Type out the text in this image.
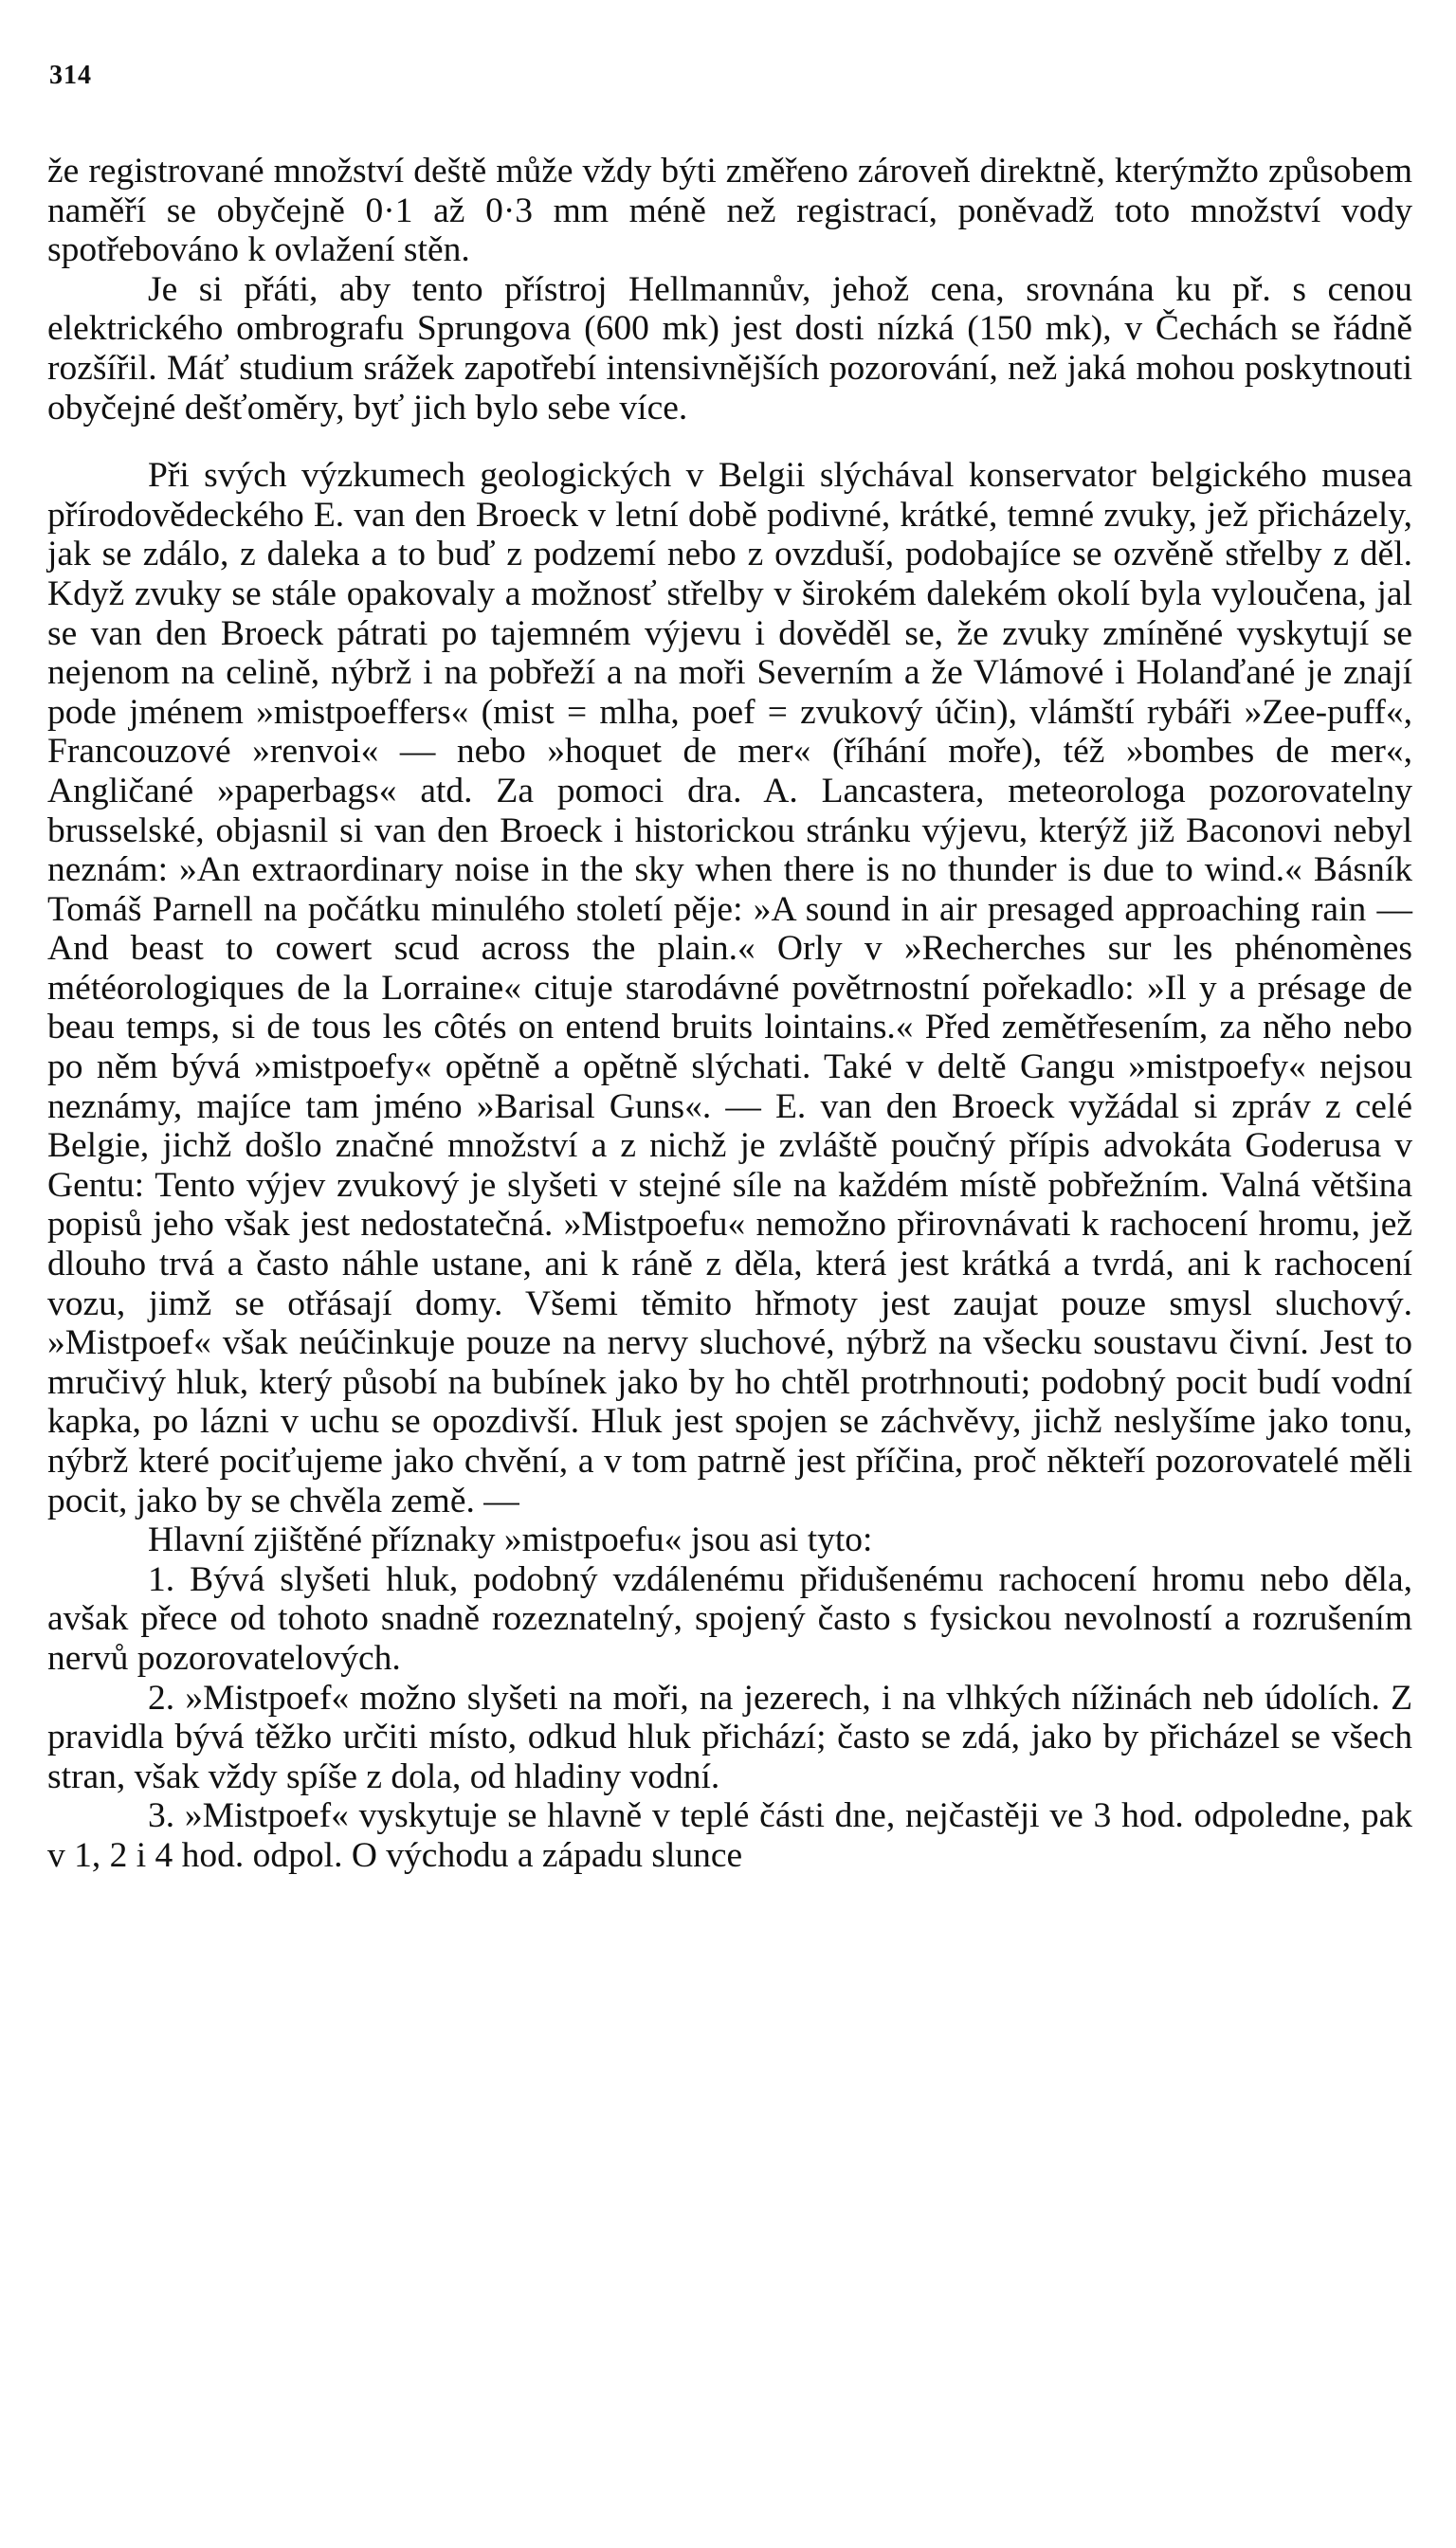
314

že registrované množství deště může vždy býti změřeno zároveň direktně, kterýmžto způsobem naměří se obyčejně 0·1 až 0·3 mm méně než registrací, poněvadž toto množství vody spotřebováno k ovlažení stěn.

Je si přáti, aby tento přístroj Hellmannův, jehož cena, srovnána ku př. s cenou elektrického ombrografu Sprungova (600 mk) jest dosti nízká (150 mk), v Čechách se řádně rozšířil. Máť studium srážek zapotřebí intensivnějších pozorování, než jaká mohou poskytnouti obyčejné dešťoměry, byť jich bylo sebe více.

Při svých výzkumech geologických v Belgii slýchával konservator belgického musea přírodovědeckého E. van den Broeck v letní době podivné, krátké, temné zvuky, jež přicházely, jak se zdálo, z daleka a to buď z podzemí nebo z ovzduší, podobajíce se ozvěně střelby z děl. Když zvuky se stále opakovaly a možnosť střelby v širokém dalekém okolí byla vyloučena, jal se van den Broeck pátrati po tajemném výjevu i dověděl se, že zvuky zmíněné vyskytují se nejenom na celině, nýbrž i na pobřeží a na moři Severním a že Vlámové i Holanďané je znají pode jménem »mistpoeffers« (mist = mlha, poef = zvukový účin), vlámští rybáři »Zee-puff«, Francouzové »renvoi« — nebo »hoquet de mer« (říhání moře), též »bombes de mer«, Angličané »paperbags« atd. Za pomoci dra. A. Lancastera, meteorologa pozorovatelny brusselské, objasnil si van den Broeck i historickou stránku výjevu, kterýž již Baconovi nebyl neznám: »An extraordinary noise in the sky when there is no thunder is due to wind.« Básník Tomáš Parnell na počátku minulého století pěje: »A sound in air presaged approaching rain — And beast to cowert scud across the plain.« Orly v »Recherches sur les phénomènes météorologiques de la Lorraine« cituje starodávné povětrnostní pořekadlo: »Il y a présage de beau temps, si de tous les côtés on entend bruits lointains.« Před zemětřesením, za něho nebo po něm bývá »mistpoefy« opětně a opětně slýchati. Také v deltě Gangu »mistpoefy« nejsou neznámy, majíce tam jméno »Barisal Guns«. — E. van den Broeck vyžádal si zpráv z celé Belgie, jichž došlo značné množství a z nichž je zvláště poučný přípis advokáta Goderusa v Gentu: Tento výjev zvukový je slyšeti v stejné síle na každém místě pobřežním. Valná většina popisů jeho však jest nedostatečná. »Mistpoefu« nemožno přirovnávati k rachocení hromu, jež dlouho trvá a často náhle ustane, ani k ráně z děla, která jest krátká a tvrdá, ani k rachocení vozu, jimž se otřásají domy. Všemi těmito hřmoty jest zaujat pouze smysl sluchový. »Mistpoef« však neúčinkuje pouze na nervy sluchové, nýbrž na všecku soustavu čivní. Jest to mručivý hluk, který působí na bubínek jako by ho chtěl protrhnouti; podobný pocit budí vodní kapka, po lázni v uchu se opozdivší. Hluk jest spojen se záchvěvy, jichž neslyšíme jako tonu, nýbrž které pociťujeme jako chvění, a v tom patrně jest příčina, proč někteří pozorovatelé měli pocit, jako by se chvěla země. —

Hlavní zjištěné příznaky »mistpoefu« jsou asi tyto:

1. Bývá slyšeti hluk, podobný vzdálenému přidušenému rachocení hromu nebo děla, avšak přece od tohoto snadně rozeznatelný, spojený často s fysickou nevolností a rozrušením nervů pozorovatelových.

2. »Mistpoef« možno slyšeti na moři, na jezerech, i na vlhkých nížinách neb údolích. Z pravidla bývá těžko určiti místo, odkud hluk přichází; často se zdá, jako by přicházel se všech stran, však vždy spíše z dola, od hladiny vodní.

3. »Mistpoef« vyskytuje se hlavně v teplé části dne, nejčastěji ve 3 hod. odpoledne, pak v 1, 2 i 4 hod. odpol. O východu a západu slunce
